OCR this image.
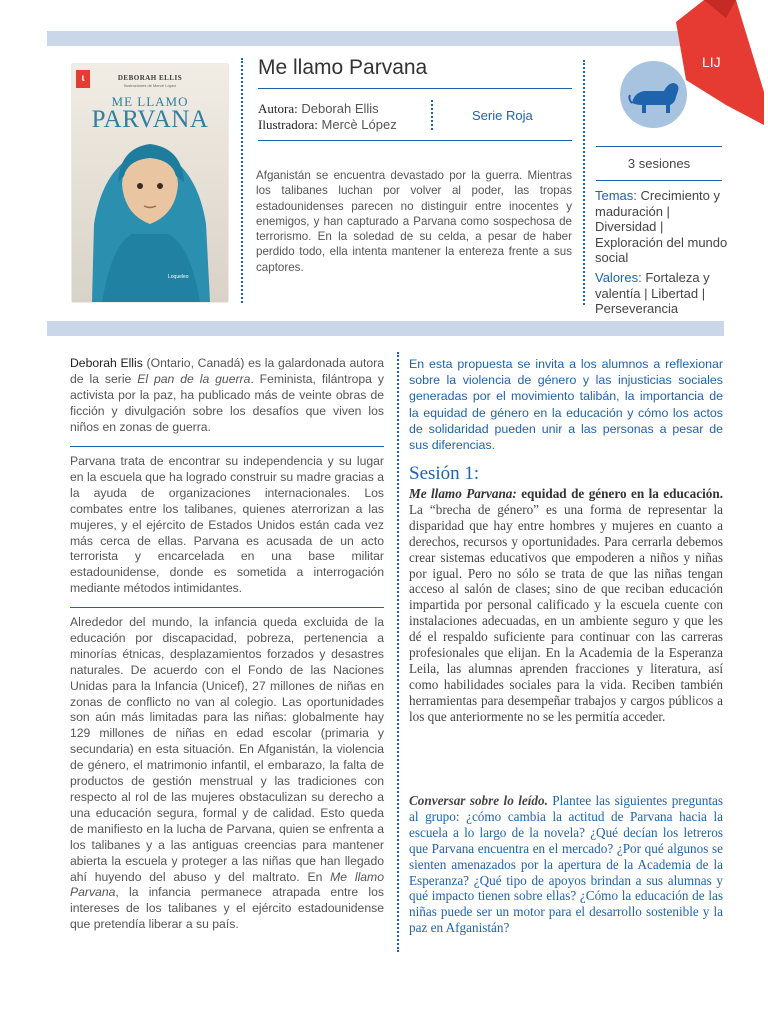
LIJ
ɩ	DEBORAH ELLIS
Ilustraciones de Mercè López
ME LLAMO
PARVANA
Loqueleo
Me llamo Parvana
Autora: Deborah Ellis
Ilustradora: Mercè López
Serie Roja

Afganistán se encuentra devastado por la guerra. Mientras los talibanes luchan por volver al poder, las tropas estadounidenses parecen no distinguir entre inocentes y enemigos, y han capturado a Parvana como sospechosa de terrorismo. En la soledad de su celda, a pesar de haber perdido todo, ella intenta mantener la entereza frente a sus captores.

3 sesiones

Temas: Crecimiento y maduración | Diversidad | Exploración del mundo social

Valores: Fortaleza y valentía | Libertad | Perseverancia

Deborah Ellis (Ontario, Canadá) es la galardonada autora de la serie El pan de la guerra. Feminista, filántropa y activista por la paz, ha publicado más de veinte obras de ficción y divulgación sobre los desafíos que viven los niños en zonas de guerra.

Parvana trata de encontrar su independencia y su lugar en la escuela que ha logrado construir su madre gracias a la ayuda de organizaciones internacionales. Los combates entre los talibanes, quienes aterrorizan a las mujeres, y el ejército de Estados Unidos están cada vez más cerca de ellas. Parvana es acusada de un acto terrorista y encarcelada en una base militar estadounidense, donde es sometida a interrogación mediante métodos intimidantes.

Alrededor del mundo, la infancia queda excluida de la educación por discapacidad, pobreza, pertenencia a minorías étnicas, desplazamientos forzados y desastres naturales. De acuerdo con el Fondo de las Naciones Unidas para la Infancia (Unicef), 27 millones de niñas en zonas de conflicto no van al colegio. Las oportunidades son aún más limitadas para las niñas: globalmente hay 129 millones de niñas en edad escolar (primaria y secundaria) en esta situación. En Afganistán, la violencia de género, el matrimonio infantil, el embarazo, la falta de productos de gestión menstrual y las tradiciones con respecto al rol de las mujeres obstaculizan su derecho a una educación segura, formal y de calidad. Esto queda de manifiesto en la lucha de Parvana, quien se enfrenta a los talibanes y a las antiguas creencias para mantener abierta la escuela y proteger a las niñas que han llegado ahí huyendo del abuso y del maltrato. En Me llamo Parvana, la infancia permanece atrapada entre los intereses de los talibanes y el ejército estadounidense que pretendía liberar a su país.

En esta propuesta se invita a los alumnos a reflexionar sobre la violencia de género y las injusticias sociales generadas por el movimiento talibán, la importancia de la equidad de género en la educación y cómo los actos de solidaridad pueden unir a las personas a pesar de sus diferencias.

Sesión 1:

Me llamo Parvana: equidad de género en la educación. La “brecha de género” es una forma de representar la disparidad que hay entre hombres y mujeres en cuanto a derechos, recursos y oportunidades. Para cerrarla debemos crear sistemas educativos que empoderen a niños y niñas por igual. Pero no sólo se trata de que las niñas tengan acceso al salón de clases; sino de que reciban educación impartida por personal calificado y la escuela cuente con instalaciones adecuadas, en un ambiente seguro y que les dé el respaldo suficiente para continuar con las carreras profesionales que elijan. En la Academia de la Esperanza Leila, las alumnas aprenden fracciones y literatura, así como habilidades sociales para la vida. Reciben también herramientas para desempeñar trabajos y cargos públicos a los que anteriormente no se les permitía acceder.

Conversar sobre lo leído. Plantee las siguientes preguntas al grupo: ¿cómo cambia la actitud de Parvana hacia la escuela a lo largo de la novela? ¿Qué decían los letreros que Parvana encuentra en el mercado? ¿Por qué algunos se sienten amenazados por la apertura de la Academia de la Esperanza? ¿Qué tipo de apoyos brindan a sus alumnas y qué impacto tienen sobre ellas? ¿Cómo la educación de las niñas puede ser un motor para el desarrollo sostenible y la paz en Afganistán?
